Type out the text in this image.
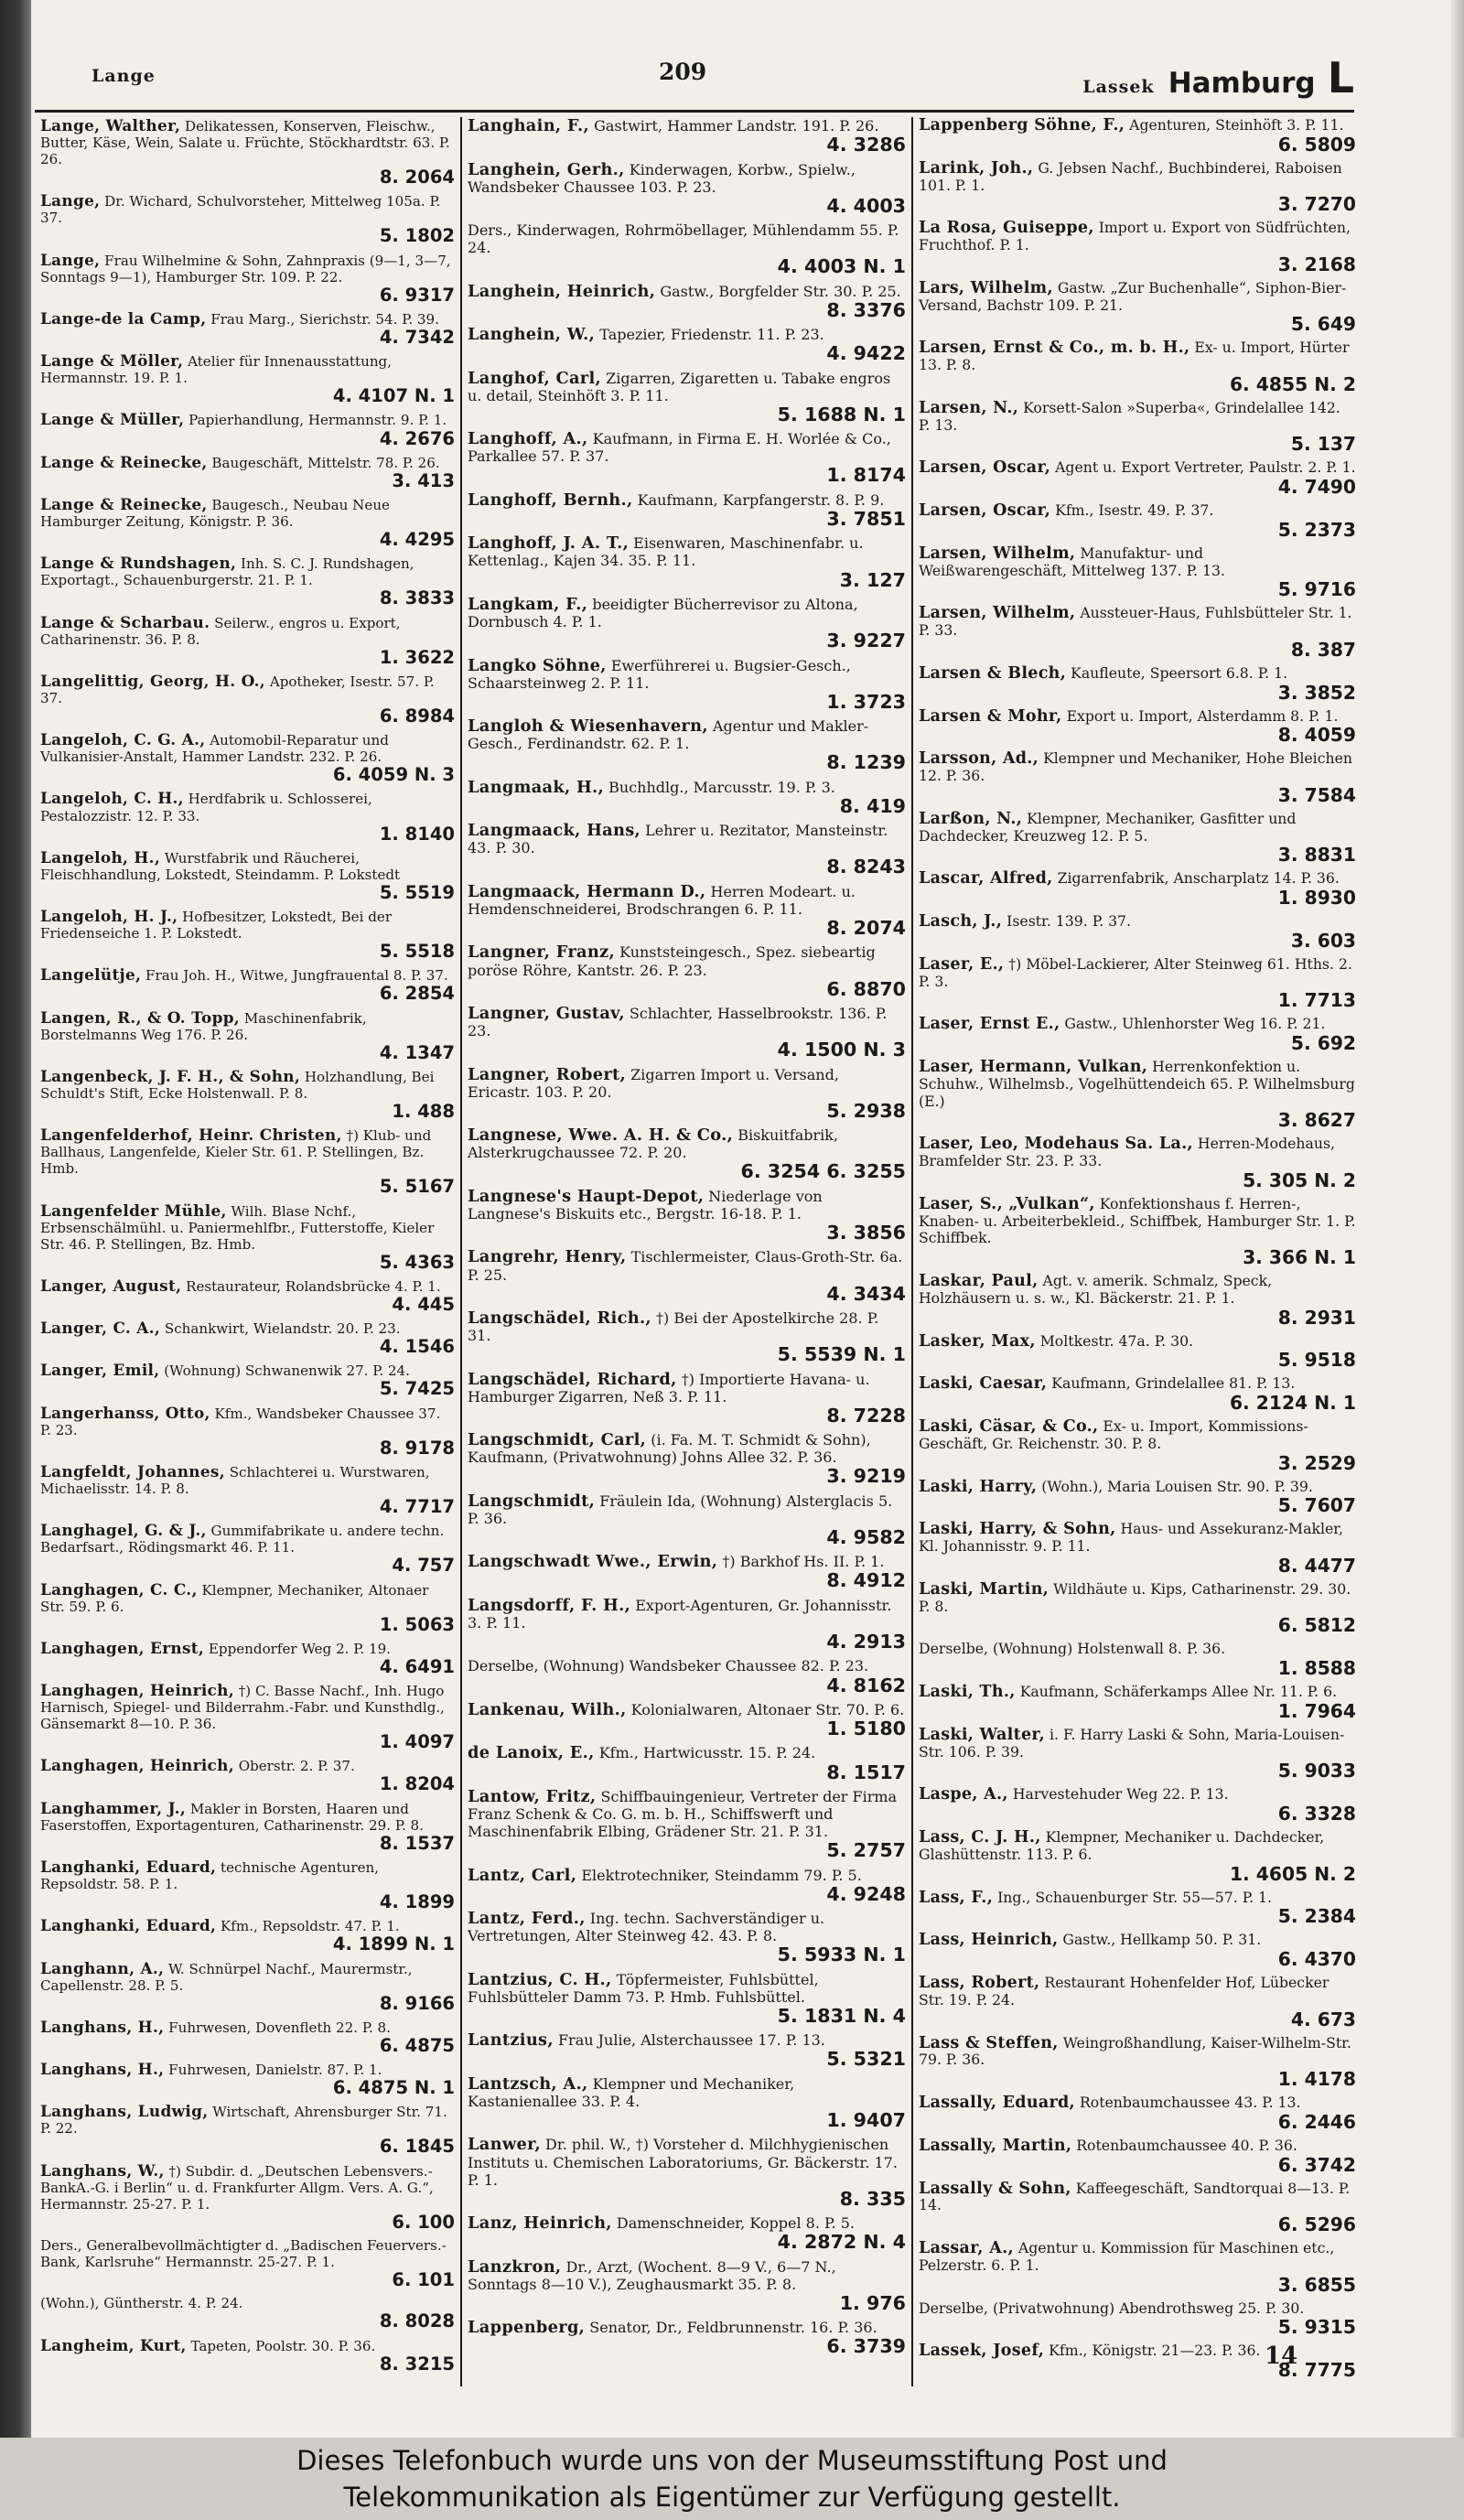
Lange	209
Lassek Hamburg L
Lange, Walther, Delikatessen, Konserven, Fleischw., Butter, Käse, Wein, Salate u. Früchte, Stöckhardtstr. 63. P. 26.
8. 2064
Lange, Dr. Wichard, Schulvorsteher, Mittelweg 105a. P. 37.
5. 1802
Lange, Frau Wilhelmine & Sohn, Zahnpraxis (9—1, 3—7, Sonntags 9—1), Hamburger Str. 109. P. 22.
6. 9317
Lange-de la Camp, Frau Marg., Sierichstr. 54. P. 39.
4. 7342
Lange & Möller, Atelier für Innenausstattung, Hermannstr. 19. P. 1.
4. 4107 N. 1
Lange & Müller, Papierhandlung, Hermannstr. 9. P. 1.
4. 2676
Lange & Reinecke, Baugeschäft, Mittelstr. 78. P. 26.
3. 413
Lange & Reinecke, Baugesch., Neubau Neue Hamburger Zeitung, Königstr. P. 36.
4. 4295
Lange & Rundshagen, Inh. S. C. J. Rundshagen, Exportagt., Schauenburgerstr. 21. P. 1.
8. 3833
Lange & Scharbau. Seilerw., engros u. Export, Catharinenstr. 36. P. 8.
1. 3622
Langelittig, Georg, H. O., Apotheker, Isestr. 57. P. 37.
6. 8984
Langeloh, C. G. A., Automobil-Reparatur und Vulkanisier-Anstalt, Hammer Landstr. 232. P. 26.
6. 4059 N. 3
Langeloh, C. H., Herdfabrik u. Schlosserei, Pestalozzistr. 12. P. 33.
1. 8140
Langeloh, H., Wurstfabrik und Räucherei, Fleischhandlung, Lokstedt, Steindamm. P. Lokstedt
5. 5519
Langeloh, H. J., Hofbesitzer, Lokstedt, Bei der Friedenseiche 1. P. Lokstedt.
5. 5518
Langelütje, Frau Joh. H., Witwe, Jungfrauental 8. P. 37.
6. 2854
Langen, R., & O. Topp, Maschinenfabrik, Borstelmanns Weg 176. P. 26.
4. 1347
Langenbeck, J. F. H., & Sohn, Holzhandlung, Bei Schuldt's Stift, Ecke Holstenwall. P. 8.
1. 488
Langenfelderhof, Heinr. Christen, †) Klub- und Ballhaus, Langenfelde, Kieler Str. 61. P. Stellingen, Bz. Hmb.
5. 5167
Langenfelder Mühle, Wilh. Blase Nchf., Erbsenschälmühl. u. Paniermehlfbr., Futterstoffe, Kieler Str. 46. P. Stellingen, Bz. Hmb.
5. 4363
Langer, August, Restaurateur, Rolandsbrücke 4. P. 1.
4. 445
Langer, C. A., Schankwirt, Wielandstr. 20. P. 23.
4. 1546
Langer, Emil, (Wohnung) Schwanenwik 27. P. 24.
5. 7425
Langerhanss, Otto, Kfm., Wandsbeker Chaussee 37. P. 23.
8. 9178
Langfeldt, Johannes, Schlachterei u. Wurstwaren, Michaelisstr. 14. P. 8.
4. 7717
Langhagel, G. & J., Gummifabrikate u. andere techn. Bedarfsart., Rödingsmarkt 46. P. 11.
4. 757
Langhagen, C. C., Klempner, Mechaniker, Altonaer Str. 59. P. 6.
1. 5063
Langhagen, Ernst, Eppendorfer Weg 2. P. 19.
4. 6491
Langhagen, Heinrich, †) C. Basse Nachf., Inh. Hugo Harnisch, Spiegel- und Bilderrahm.-Fabr. und Kunsthdlg., Gänsemarkt 8—10. P. 36.
1. 4097
Langhagen, Heinrich, Oberstr. 2. P. 37.
1. 8204
Langhammer, J., Makler in Borsten, Haaren und Faserstoffen, Exportagenturen, Catharinenstr. 29. P. 8.
8. 1537
Langhanki, Eduard, technische Agenturen, Repsoldstr. 58. P. 1.
4. 1899
Langhanki, Eduard, Kfm., Repsoldstr. 47. P. 1.
4. 1899 N. 1
Langhann, A., W. Schnürpel Nachf., Maurermstr., Capellenstr. 28. P. 5.
8. 9166
Langhans, H., Fuhrwesen, Dovenfleth 22. P. 8.
6. 4875
Langhans, H., Fuhrwesen, Danielstr. 87. P. 1.
6. 4875 N. 1
Langhans, Ludwig, Wirtschaft, Ahrensburger Str. 71. P. 22.
6. 1845
Langhans, W., †) Subdir. d. „Deutschen Lebensvers.-BankA.-G. i Berlin“ u. d. Frankfurter Allgm. Vers. A. G.“, Hermannstr. 25-27. P. 1.
6. 100
Ders., Generalbevollmächtigter d. „Badischen Feuervers.-Bank, Karlsruhe“ Hermannstr. 25-27. P. 1.
6. 101
(Wohn.), Güntherstr. 4. P. 24.
8. 8028
Langheim, Kurt, Tapeten, Poolstr. 30. P. 36.
8. 3215
Langhain, F., Gastwirt, Hammer Landstr. 191. P. 26.
4. 3286
Langhein, Gerh., Kinderwagen, Korbw., Spielw., Wandsbeker Chaussee 103. P. 23.
4. 4003
Ders., Kinderwagen, Rohrmöbellager, Mühlendamm 55. P. 24.
4. 4003 N. 1
Langhein, Heinrich, Gastw., Borgfelder Str. 30. P. 25.
8. 3376
Langhein, W., Tapezier, Friedenstr. 11. P. 23.
4. 9422
Langhof, Carl, Zigarren, Zigaretten u. Tabake engros u. detail, Steinhöft 3. P. 11.
5. 1688 N. 1
Langhoff, A., Kaufmann, in Firma E. H. Worlée & Co., Parkallee 57. P. 37.
1. 8174
Langhoff, Bernh., Kaufmann, Karpfangerstr. 8. P. 9.
3. 7851
Langhoff, J. A. T., Eisenwaren, Maschinenfabr. u. Kettenlag., Kajen 34. 35. P. 11.
3. 127
Langkam, F., beeidigter Bücherrevisor zu Altona, Dornbusch 4. P. 1.
3. 9227
Langko Söhne, Ewerführerei u. Bugsier-Gesch., Schaarsteinweg 2. P. 11.
1. 3723
Langloh & Wiesenhavern, Agentur und Makler-Gesch., Ferdinandstr. 62. P. 1.
8. 1239
Langmaak, H., Buchhdlg., Marcusstr. 19. P. 3.
8. 419
Langmaack, Hans, Lehrer u. Rezitator, Mansteinstr. 43. P. 30.
8. 8243
Langmaack, Hermann D., Herren Modeart. u. Hemdenschneiderei, Brodschrangen 6. P. 11.
8. 2074
Langner, Franz, Kunststeingesch., Spez. siebeartig poröse Röhre, Kantstr. 26. P. 23.
6. 8870
Langner, Gustav, Schlachter, Hasselbrookstr. 136. P. 23.
4. 1500 N. 3
Langner, Robert, Zigarren Import u. Versand, Ericastr. 103. P. 20.
5. 2938
Langnese, Wwe. A. H. & Co., Biskuitfabrik, Alsterkrugchaussee 72. P. 20.
6. 3254 6. 3255
Langnese's Haupt-Depot, Niederlage von Langnese's Biskuits etc., Bergstr. 16-18. P. 1.
3. 3856
Langrehr, Henry, Tischlermeister, Claus-Groth-Str. 6a. P. 25.
4. 3434
Langschädel, Rich., †) Bei der Apostelkirche 28. P. 31.
5. 5539 N. 1
Langschädel, Richard, †) Importierte Havana- u. Hamburger Zigarren, Neß 3. P. 11.
8. 7228
Langschmidt, Carl, (i. Fa. M. T. Schmidt & Sohn), Kaufmann, (Privatwohnung) Johns Allee 32. P. 36.
3. 9219
Langschmidt, Fräulein Ida, (Wohnung) Alsterglacis 5. P. 36.
4. 9582
Langschwadt Wwe., Erwin, †) Barkhof Hs. II. P. 1.
8. 4912
Langsdorff, F. H., Export-Agenturen, Gr. Johannisstr. 3. P. 11.
4. 2913
Derselbe, (Wohnung) Wandsbeker Chaussee 82. P. 23.
4. 8162
Lankenau, Wilh., Kolonialwaren, Altonaer Str. 70. P. 6.
1. 5180
de Lanoix, E., Kfm., Hartwicusstr. 15. P. 24.
8. 1517
Lantow, Fritz, Schiffbauingenieur, Vertreter der Firma Franz Schenk & Co. G. m. b. H., Schiffswerft und Maschinenfabrik Elbing, Grädener Str. 21. P. 31.
5. 2757
Lantz, Carl, Elektrotechniker, Steindamm 79. P. 5.
4. 9248
Lantz, Ferd., Ing. techn. Sachverständiger u. Vertretungen, Alter Steinweg 42. 43. P. 8.
5. 5933 N. 1
Lantzius, C. H., Töpfermeister, Fuhlsbüttel, Fuhlsbütteler Damm 73. P. Hmb. Fuhlsbüttel.
5. 1831 N. 4
Lantzius, Frau Julie, Alsterchaussee 17. P. 13.
5. 5321
Lantzsch, A., Klempner und Mechaniker, Kastanienallee 33. P. 4.
1. 9407
Lanwer, Dr. phil. W., †) Vorsteher d. Milchhygienischen Instituts u. Chemischen Laboratoriums, Gr. Bäckerstr. 17. P. 1.
8. 335
Lanz, Heinrich, Damenschneider, Koppel 8. P. 5.
4. 2872 N. 4
Lanzkron, Dr., Arzt, (Wochent. 8—9 V., 6—7 N., Sonntags 8—10 V.), Zeughausmarkt 35. P. 8.
1. 976
Lappenberg, Senator, Dr., Feldbrunnenstr. 16. P. 36.
6. 3739
Lappenberg Söhne, F., Agenturen, Steinhöft 3. P. 11.
6. 5809
Larink, Joh., G. Jebsen Nachf., Buchbinderei, Raboisen 101. P. 1.
3. 7270
La Rosa, Guiseppe, Import u. Export von Südfrüchten, Fruchthof. P. 1.
3. 2168
Lars, Wilhelm, Gastw. „Zur Buchenhalle“, Siphon-Bier-Versand, Bachstr 109. P. 21.
5. 649
Larsen, Ernst & Co., m. b. H., Ex- u. Import, Hürter 13. P. 8.
6. 4855 N. 2
Larsen, N., Korsett-Salon »Superba«, Grindelallee 142. P. 13.
5. 137
Larsen, Oscar, Agent u. Export Vertreter, Paulstr. 2. P. 1.
4. 7490
Larsen, Oscar, Kfm., Isestr. 49. P. 37.
5. 2373
Larsen, Wilhelm, Manufaktur- und Weißwarengeschäft, Mittelweg 137. P. 13.
5. 9716
Larsen, Wilhelm, Aussteuer-Haus, Fuhlsbütteler Str. 1. P. 33.
8. 387
Larsen & Blech, Kaufleute, Speersort 6.8. P. 1.
3. 3852
Larsen & Mohr, Export u. Import, Alsterdamm 8. P. 1.
8. 4059
Larsson, Ad., Klempner und Mechaniker, Hohe Bleichen 12. P. 36.
3. 7584
Larßon, N., Klempner, Mechaniker, Gasfitter und Dachdecker, Kreuzweg 12. P. 5.
3. 8831
Lascar, Alfred, Zigarrenfabrik, Anscharplatz 14. P. 36.
1. 8930
Lasch, J., Isestr. 139. P. 37.
3. 603
Laser, E., †) Möbel-Lackierer, Alter Steinweg 61. Hths. 2. P. 3.
1. 7713
Laser, Ernst E., Gastw., Uhlenhorster Weg 16. P. 21.
5. 692
Laser, Hermann, Vulkan, Herrenkonfektion u. Schuhw., Wilhelmsb., Vogelhüttendeich 65. P. Wilhelmsburg (E.)
3. 8627
Laser, Leo, Modehaus Sa. La., Herren-Modehaus, Bramfelder Str. 23. P. 33.
5. 305 N. 2
Laser, S., „Vulkan“, Konfektionshaus f. Herren-, Knaben- u. Arbeiterbekleid., Schiffbek, Hamburger Str. 1. P. Schiffbek.
3. 366 N. 1
Laskar, Paul, Agt. v. amerik. Schmalz, Speck, Holzhäusern u. s. w., Kl. Bäckerstr. 21. P. 1.
8. 2931
Lasker, Max, Moltkestr. 47a. P. 30.
5. 9518
Laski, Caesar, Kaufmann, Grindelallee 81. P. 13.
6. 2124 N. 1
Laski, Cäsar, & Co., Ex- u. Import, Kommissions-Geschäft, Gr. Reichenstr. 30. P. 8.
3. 2529
Laski, Harry, (Wohn.), Maria Louisen Str. 90. P. 39.
5. 7607
Laski, Harry, & Sohn, Haus- und Assekuranz-Makler, Kl. Johannisstr. 9. P. 11.
8. 4477
Laski, Martin, Wildhäute u. Kips, Catharinenstr. 29. 30. P. 8.
6. 5812
Derselbe, (Wohnung) Holstenwall 8. P. 36.
1. 8588
Laski, Th., Kaufmann, Schäferkamps Allee Nr. 11. P. 6.
1. 7964
Laski, Walter, i. F. Harry Laski & Sohn, Maria-Louisen-Str. 106. P. 39.
5. 9033
Laspe, A., Harvestehuder Weg 22. P. 13.
6. 3328
Lass, C. J. H., Klempner, Mechaniker u. Dachdecker, Glashüttenstr. 113. P. 6.
1. 4605 N. 2
Lass, F., Ing., Schauenburger Str. 55—57. P. 1.
5. 2384
Lass, Heinrich, Gastw., Hellkamp 50. P. 31.
6. 4370
Lass, Robert, Restaurant Hohenfelder Hof, Lübecker Str. 19. P. 24.
4. 673
Lass & Steffen, Weingroßhandlung, Kaiser-Wilhelm-Str. 79. P. 36.
1. 4178
Lassally, Eduard, Rotenbaumchaussee 43. P. 13.
6. 2446
Lassally, Martin, Rotenbaumchaussee 40. P. 36.
6. 3742
Lassally & Sohn, Kaffeegeschäft, Sandtorquai 8—13. P. 14.
6. 5296
Lassar, A., Agentur u. Kommission für Maschinen etc., Pelzerstr. 6. P. 1.
3. 6855
Derselbe, (Privatwohnung) Abendrothsweg 25. P. 30.
5. 9315
Lassek, Josef, Kfm., Königstr. 21—23. P. 36.
8. 7775
14
Dieses Telefonbuch wurde uns von der Museumsstiftung Post und
Telekommunikation als Eigentümer zur Verfügung gestellt.
